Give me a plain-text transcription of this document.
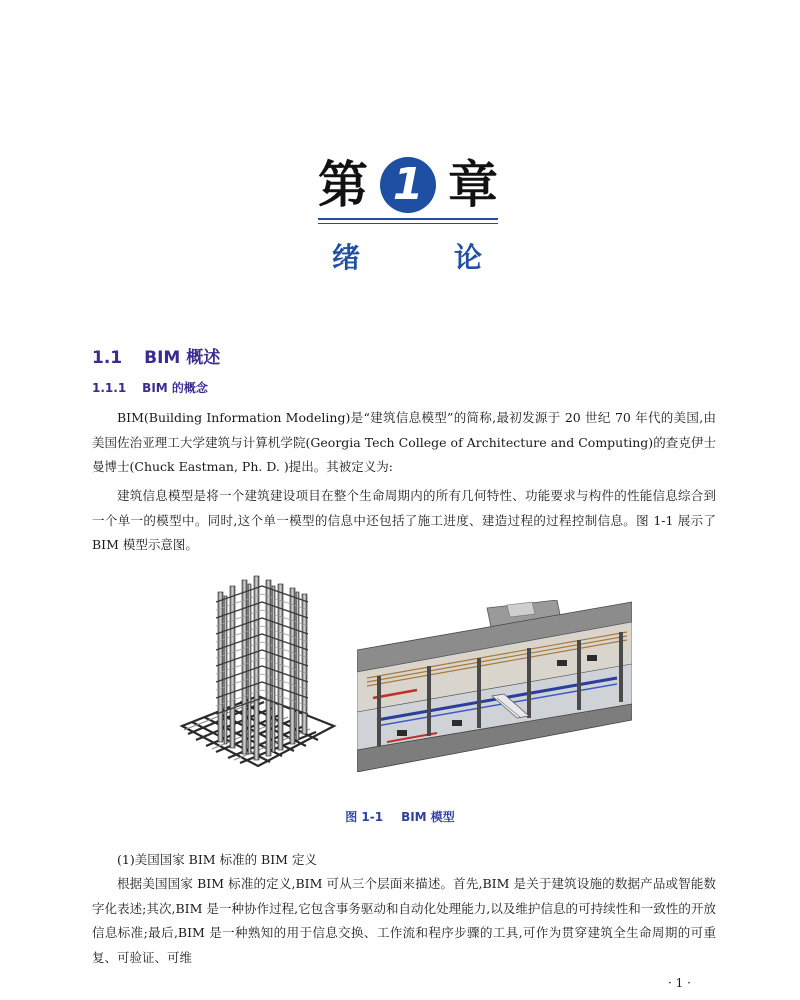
第 1 章
绪	论
1.1 BIM 概述
1.1.1 BIM 的概念

BIM(Building Information Modeling)是“建筑信息模型”的简称,最初发源于 20 世纪 70 年代的美国,由美国佐治亚理工大学建筑与计算机学院(Georgia Tech College of Architecture and Computing)的查克伊士曼博士(Chuck Eastman, Ph. D. )提出。其被定义为:

建筑信息模型是将一个建筑建设项目在整个生命周期内的所有几何特性、功能要求与构件的性能信息综合到一个单一的模型中。同时,这个单一模型的信息中还包括了施工进度、建造过程的过程控制信息。图 1-1 展示了 BIM 模型示意图。

图 1-1 BIM 模型

(1)美国国家 BIM 标准的 BIM 定义

根据美国国家 BIM 标准的定义,BIM 可从三个层面来描述。首先,BIM 是关于建筑设施的数据产品或智能数字化表述;其次,BIM 是一种协作过程,它包含事务驱动和自动化处理能力,以及维护信息的可持续性和一致性的开放信息标准;最后,BIM 是一种熟知的用于信息交换、工作流和程序步骤的工具,可作为贯穿建筑全生命周期的可重复、可验证、可维

· 1 ·
